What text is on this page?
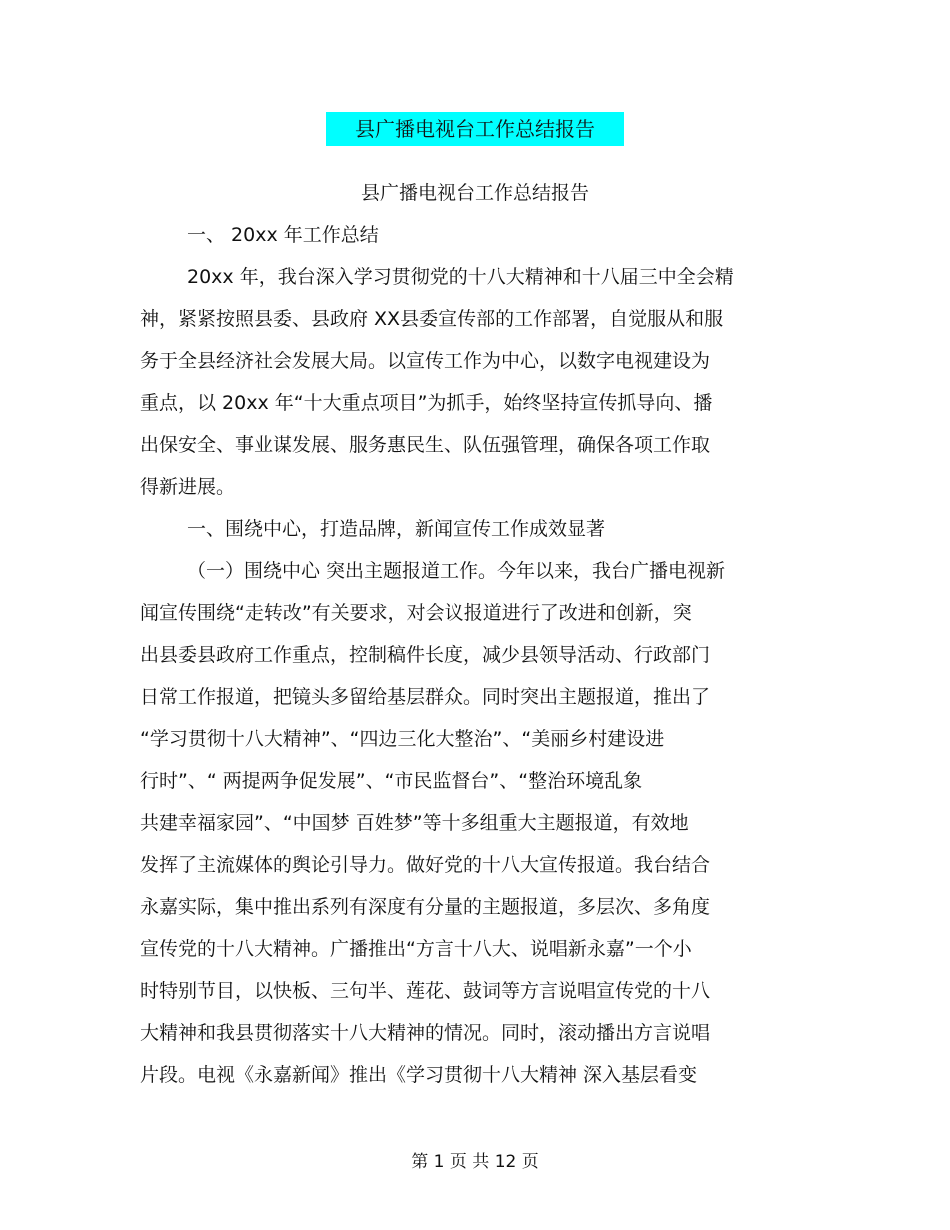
县广播电视台工作总结报告
县广播电视台工作总结报告
一、 20xx 年工作总结
20xx 年，我台深入学习贯彻党的十八大精神和十八届三中全会精
神，紧紧按照县委、县政府 XX县委宣传部的工作部署，自觉服从和服
务于全县经济社会发展大局。以宣传工作为中心，以数字电视建设为
重点，以 20xx 年“十大重点项目”为抓手，始终坚持宣传抓导向、播
出保安全、事业谋发展、服务惠民生、队伍强管理，确保各项工作取
得新进展。
一、围绕中心，打造品牌，新闻宣传工作成效显著
（一）围绕中心 突出主题报道工作。今年以来，我台广播电视新
闻宣传围绕“走转改”有关要求，对会议报道进行了改进和创新，突
出县委县政府工作重点，控制稿件长度，减少县领导活动、行政部门
日常工作报道，把镜头多留给基层群众。同时突出主题报道，推出了
“学习贯彻十八大精神”、“四边三化大整治”、“美丽乡村建设进
行时”、“ 两提两争促发展”、“市民监督台”、“整治环境乱象
共建幸福家园”、“中国梦 百姓梦”等十多组重大主题报道，有效地
发挥了主流媒体的舆论引导力。做好党的十八大宣传报道。我台结合
永嘉实际，集中推出系列有深度有分量的主题报道，多层次、多角度
宣传党的十八大精神。广播推出“方言十八大、说唱新永嘉”一个小
时特别节目，以快板、三句半、莲花、鼓词等方言说唱宣传党的十八
大精神和我县贯彻落实十八大精神的情况。同时，滚动播出方言说唱
片段。电视《永嘉新闻》推出《学习贯彻十八大精神 深入基层看变
第 1 页 共 12 页
